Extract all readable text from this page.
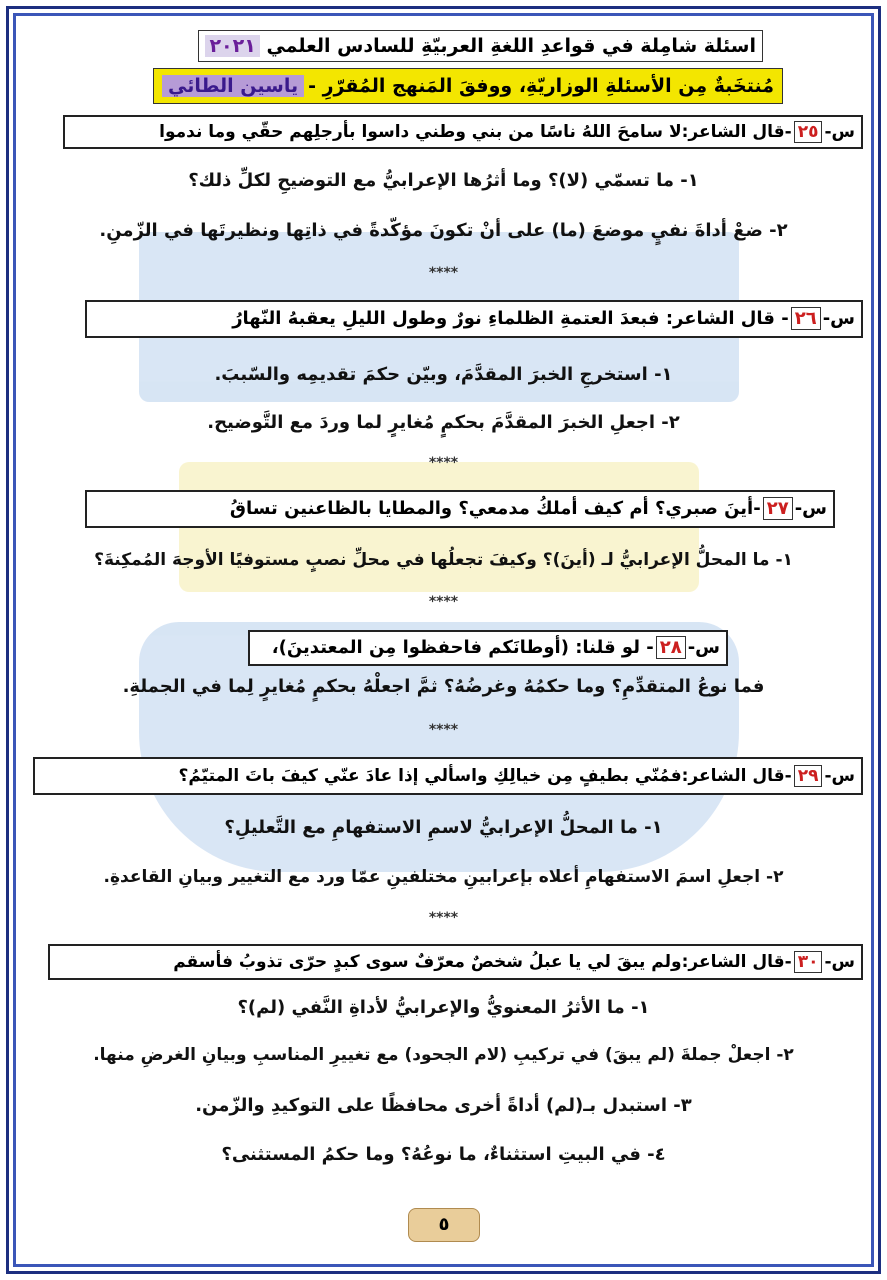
اسئلة شامِلة في قواعدِ اللغةِ العربيّةِ للسادس العلمي ٢٠٢١
مُنتخَبةٌ مِن الأسئلةِ الوزاريّةِ، ووفقَ المَنهج المُقرّرِ -ياسين الطائي
س-٢٥-قال الشاعر:لا سامحَ اللهُ ناسًا من بني وطني داسوا بأرجلِهم حقّي وما ندموا
١- ما تسمّي (لا)؟ وما أثرُها الإعرابيُّ مع التوضيحِ لكلِّ ذلك؟
٢- ضعْ أداةَ نفيٍ موضعَ (ما) على أنْ تكونَ مؤكّدةً في ذاتِها ونظيرتَها في الزّمنِ.
****
س-٢٦- قال الشاعر: فبعدَ العتمةِ الظلماءِ نورٌ وطول الليلِ يعقبهُ النّهارُ
١- استخرجِ الخبرَ المقدَّمَ، وبيّن حكمَ تقديمِه والسّببَ.
٢- اجعلِ الخبرَ المقدَّمَ بحكمٍ مُغايرٍ لما وردَ مع التَّوضيح.
****
س-٢٧-أينَ صبري؟ أم كيف أملكُ مدمعي؟ والمطايا بالظاعنين تساقُ
١- ما المحلُّ الإعرابيُّ لـ (أينَ)؟ وكيفَ تجعلُها في محلِّ نصبٍ مستوفيًا الأوجهَ المُمكِنةَ؟
****
س-٢٨- لو قلنا: (أوطانَكم فاحفظوا مِن المعتدينَ)،
فما نوعُ المتقدِّمِ؟ وما حكمُهُ وغرضُهُ؟ ثمَّ اجعلْهُ بحكمٍ مُغايرٍ لِما في الجملةِ.
****
س-٢٩-قال الشاعر:فمُنّي بطيفٍ مِن خيالِكِ واسألي إذا عادَ عنّي كيفَ باتَ المتيّمُ؟
١- ما المحلُّ الإعرابيُّ لاسمِ الاستفهامِ مع التَّعليلِ؟
٢- اجعلِ اسمَ الاستفهامِ أعلاه بإعرابينِ مختلفينِ عمّا ورد مع التغيير وبيانِ القاعدةِ.
****
س-٣٠-قال الشاعر:ولم يبقَ لي يا عبلُ شخصٌ معرّفٌ سوى كبدٍ حرّى تذوبُ فأسقم
١- ما الأثرُ المعنويُّ والإعرابيُّ لأداةِ النَّفي (لم)؟
٢- اجعلْ جملةَ (لم يبقَ) في تركيبِ (لام الجحود) مع تغييرِ المناسبِ وبيانِ الغرضِ منها.
٣- استبدل بـ(لم) أداةً أخرى محافظًا على التوكيدِ والزّمن.
٤- في البيتِ استثناءٌ، ما نوعُهُ؟ وما حكمُ المستثنى؟
٥
